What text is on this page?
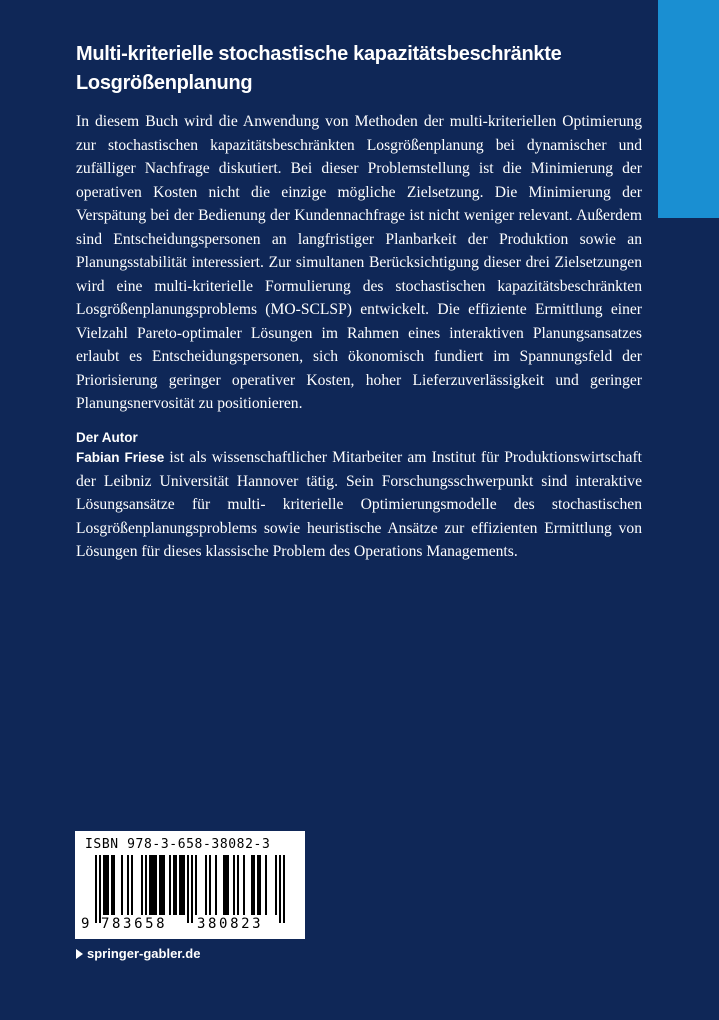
Multi-kriterielle stochastische kapazitätsbeschränkte Losgrößenplanung

In diesem Buch wird die Anwendung von Methoden der multi-kriteriellen Optimierung zur stochastischen kapazitätsbeschränkten Losgrößenplanung bei dynamischer und zufälliger Nachfrage diskutiert. Bei dieser Problemstellung ist die Minimierung der operativen Kosten nicht die einzige mögliche Zielsetzung. Die Minimierung der Verspätung bei der Bedienung der Kundennachfrage ist nicht weniger relevant. Außerdem sind Entscheidungspersonen an langfristiger Planbarkeit der Produktion sowie an Planungsstabilität interessiert. Zur simultanen Berücksichtigung dieser drei Zielsetzungen wird eine multi-kriterielle Formulierung des stochastischen kapazitätsbeschränkten Losgrößenplanungsproblems (MO-SCLSP) entwickelt. Die effiziente Ermittlung einer Vielzahl Pareto-optimaler Lösungen im Rahmen eines interaktiven Planungsansatzes erlaubt es Entscheidungspersonen, sich ökonomisch fundiert im Spannungsfeld der Priorisierung geringer operativer Kosten, hoher Lieferzuverlässigkeit und geringer Planungsnervosität zu positionieren.

Der Autor

Fabian Friese ist als wissenschaftlicher Mitarbeiter am Institut für Produktionswirtschaft der Leibniz Universität Hannover tätig. Sein Forschungsschwerpunkt sind interaktive Lösungsansätze für multi- kriterielle Optimierungsmodelle des stochastischen Losgrößenplanungsproblems sowie heuristische Ansätze zur effizienten Ermittlung von Lösungen für dieses klassische Problem des Operations Managements.

ISBN 978-3-658-38082-3
9 783658 380823
springer-gabler.de
